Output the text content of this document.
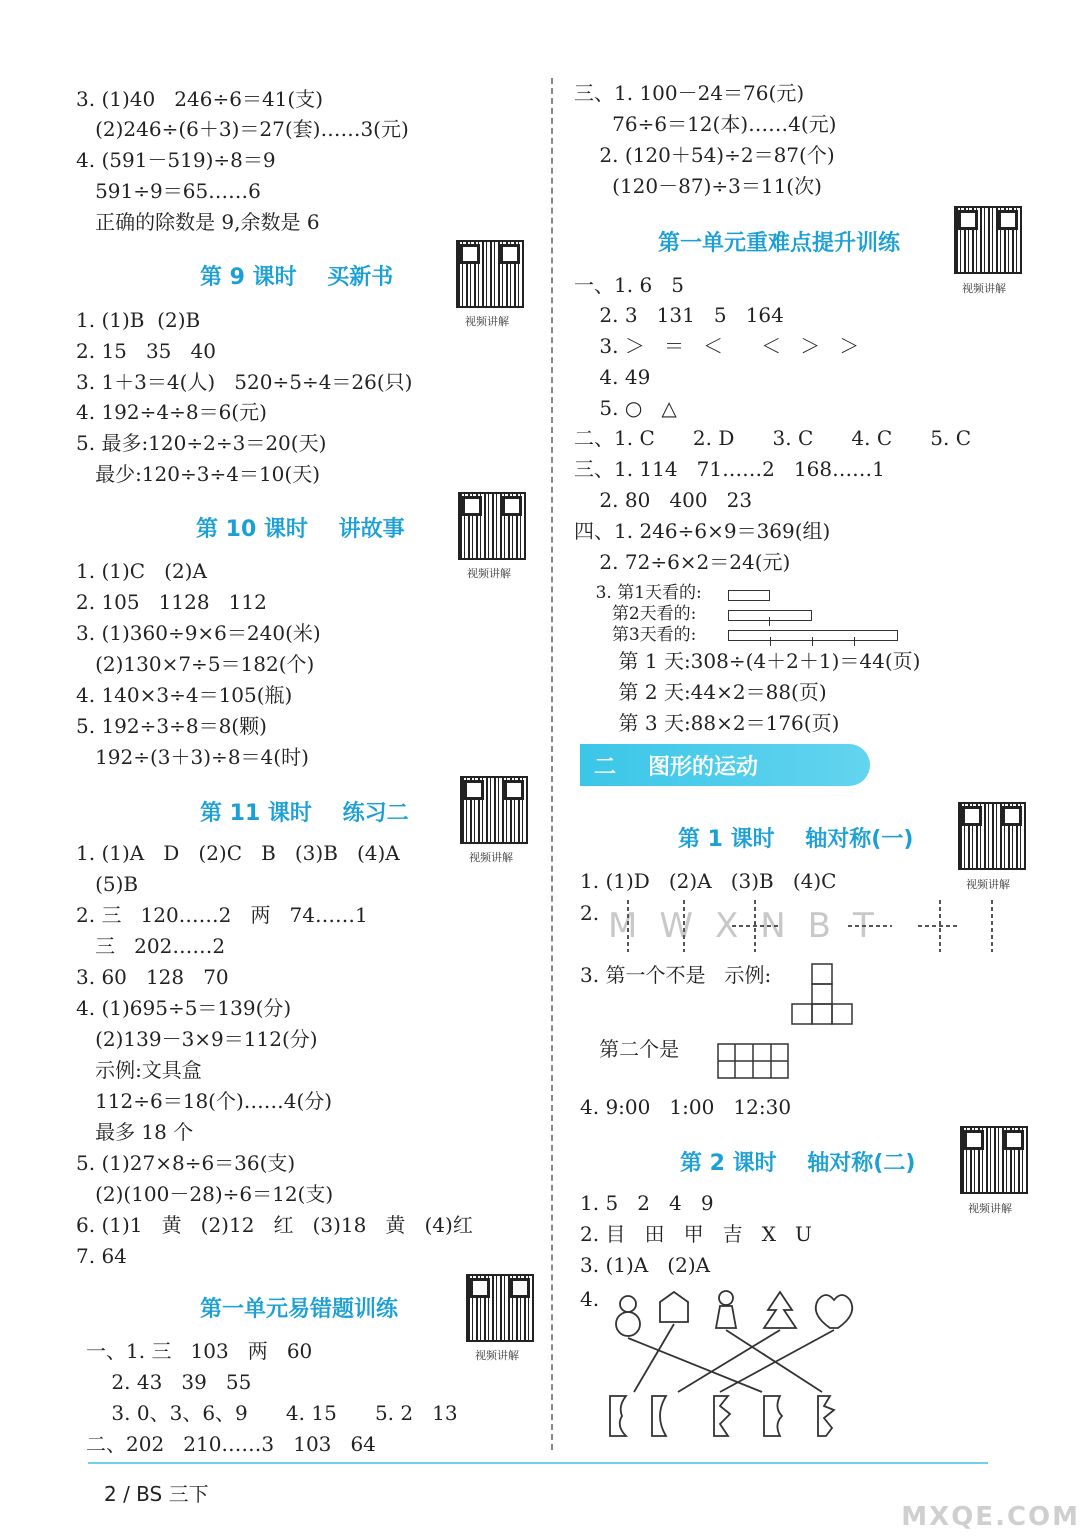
3. (1)40   246÷6＝41(支)
(2)246÷(6＋3)＝27(套)……3(元)
4. (591－519)÷8＝9
591÷9＝65……6
正确的除数是 9,余数是 6
第 9 课时    买新书
视频讲解
1. (1)B  (2)B
2. 15   35   40
3. 1＋3＝4(人)   520÷5÷4＝26(只)
4. 192÷4÷8＝6(元)
5. 最多:120÷2÷3＝20(天)
最少:120÷3÷4＝10(天)
第 10 课时    讲故事
视频讲解
1. (1)C   (2)A
2. 105   1128   112
3. (1)360÷9×6＝240(米)
(2)130×7÷5＝182(个)
4. 140×3÷4＝105(瓶)
5. 192÷3÷8＝8(颗)
192÷(3＋3)÷8＝4(时)
第 11 课时    练习二
视频讲解
1. (1)A   D   (2)C   B   (3)B   (4)A
(5)B
2. 三   120……2   两   74……1
三   202……2
3. 60   128   70
4. (1)695÷5＝139(分)
(2)139－3×9＝112(分)
示例:文具盒
112÷6＝18(个)……4(分)
最多 18 个
5. (1)27×8÷6＝36(支)
(2)(100－28)÷6＝12(支)
6. (1)1   黄   (2)12   红   (3)18   黄   (4)红
7. 64
第一单元易错题训练
视频讲解
一、1. 三   103   两   60
2. 43   39   55
3. 0、3、6、9      4. 15      5. 2   13
二、202   210……3   103   64
三、1. 100－24＝76(元)
76÷6＝12(本)……4(元)
2. (120＋54)÷2＝87(个)
(120－87)÷3＝11(次)
第一单元重难点提升训练
视频讲解
一、1. 6   5
2. 3   131   5   164
3. ＞   ＝   ＜      ＜   ＞   ＞
4. 49
5. ○   △
二、1. C      2. D      3. C      4. C      5. C
三、1. 114   71……2   168……1
2. 80   400   23
四、1. 246÷6×9＝369(组)
2. 72÷6×2＝24(元)
3. 第1天看的:
第2天看的:
第3天看的:
第 1 天:308÷(4＋2＋1)＝44(页)
第 2 天:44×2＝88(页)
第 3 天:88×2＝176(页)
二 图形的运动
第 1 课时    轴对称(一)
视频讲解
1. (1)D   (2)A   (3)B   (4)C
2. MWXNBT
3. 第一个不是   示例:
第二个是
4. 9:00   1:00   12:30
第 2 课时    轴对称(二)
视频讲解
1. 5   2   4   9
2. 目   田   甲   吉   X   U
3. (1)A   (2)A
4.
2 / BS 三下
MXQE.COM
